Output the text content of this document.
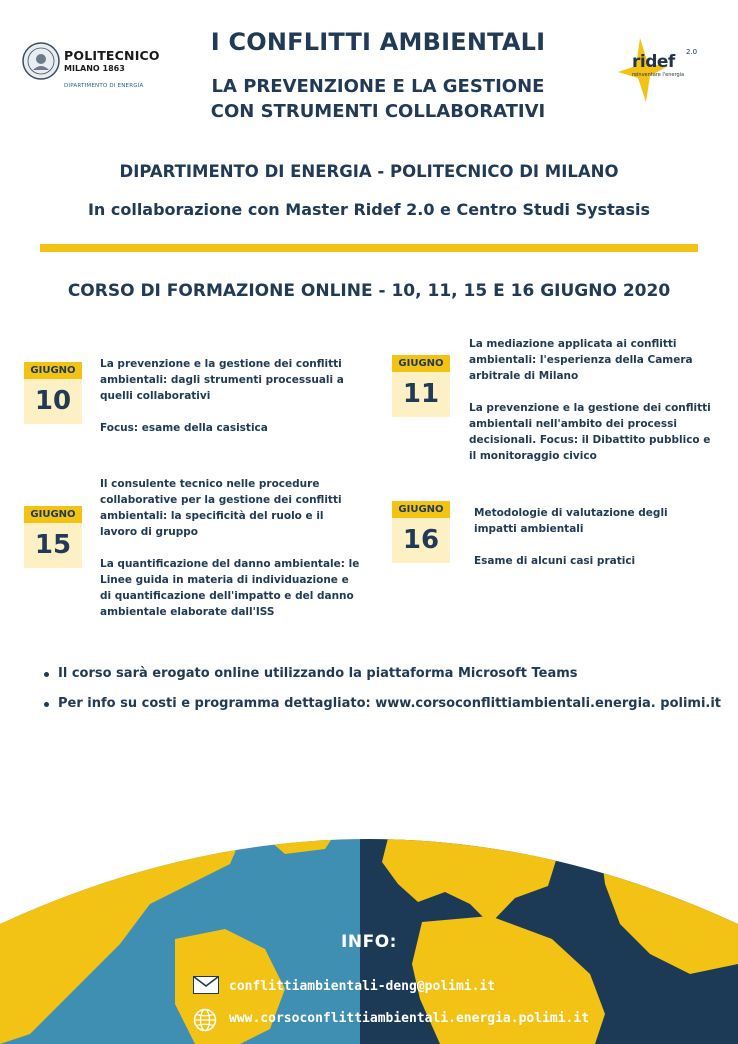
POLITECNICO
MILANO 1863
DIPARTIMENTO DI ENERGIA
ridef 2.0
reinventare l'energia
I CONFLITTI AMBIENTALI
LA PREVENZIONE E LA GESTIONE
CON STRUMENTI COLLABORATIVI
DIPARTIMENTO DI ENERGIA - POLITECNICO DI MILANO
In collaborazione con Master Ridef 2.0 e Centro Studi Systasis
CORSO DI FORMAZIONE ONLINE - 10, 11, 15 E 16 GIUGNO 2020
GIUGNO
10

La prevenzione e la gestione dei conflitti ambientali: dagli strumenti processuali a quelli collaborativi

Focus: esame della casistica

GIUGNO
11

La mediazione applicata ai conflitti ambientali: l'esperienza della Camera arbitrale di Milano

La prevenzione e la gestione dei conflitti ambientali nell'ambito dei processi decisionali. Focus: il Dibattito pubblico e il monitoraggio civico

GIUGNO
15

Il consulente tecnico nelle procedure collaborative per la gestione dei conflitti ambientali: la specificità del ruolo e il lavoro di gruppo

La quantificazione del danno ambientale: le Linee guida in materia di individuazione e di quantificazione dell'impatto e del danno ambientale elaborate dall'ISS

GIUGNO
16

Metodologie di valutazione degli impatti ambientali

Esame di alcuni casi pratici

Il corso sarà erogato online utilizzando la piattaforma Microsoft Teams
Per info su costi e programma dettagliato: www.corsoconflittiambientali.energia. polimi.it
INFO:
conflittiambientali-deng@polimi.it
www.corsoconflittiambientali.energia.polimi.it
